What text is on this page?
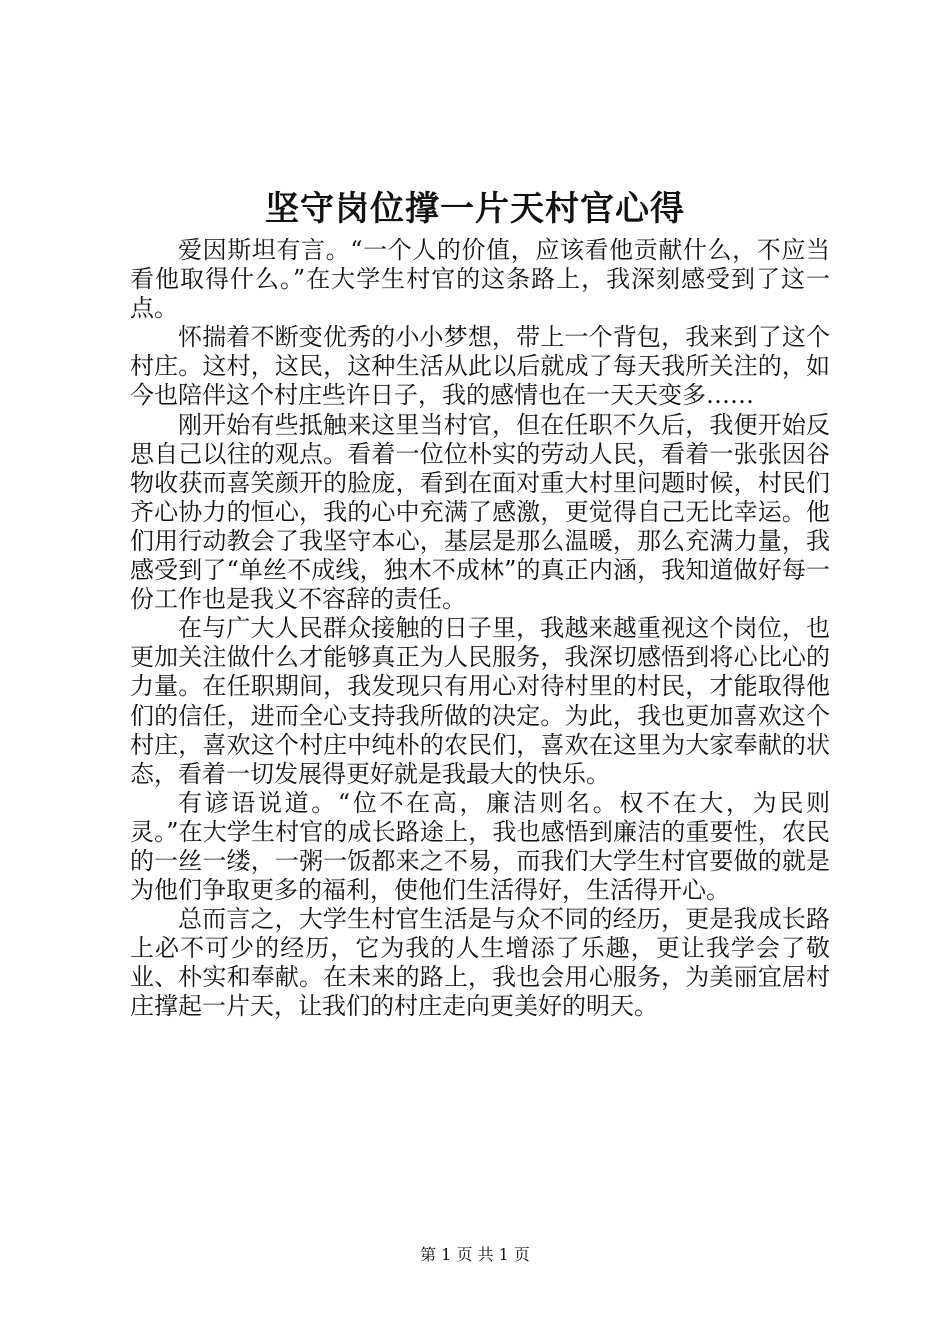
坚守岗位撑一片天村官心得

爱因斯坦有言。“一个人的价值，应该看他贡献什么，不应当看他取得什么。”在大学生村官的这条路上，我深刻感受到了这一点。

怀揣着不断变优秀的小小梦想，带上一个背包，我来到了这个村庄。这村，这民，这种生活从此以后就成了每天我所关注的，如今也陪伴这个村庄些许日子，我的感情也在一天天变多……

刚开始有些抵触来这里当村官，但在任职不久后，我便开始反思自己以往的观点。看着一位位朴实的劳动人民，看着一张张因谷物收获而喜笑颜开的脸庞，看到在面对重大村里问题时候，村民们齐心协力的恒心，我的心中充满了感激，更觉得自己无比幸运。他们用行动教会了我坚守本心，基层是那么温暖，那么充满力量，我感受到了“单丝不成线，独木不成林”的真正内涵，我知道做好每一份工作也是我义不容辞的责任。

在与广大人民群众接触的日子里，我越来越重视这个岗位，也更加关注做什么才能够真正为人民服务，我深切感悟到将心比心的力量。在任职期间，我发现只有用心对待村里的村民，才能取得他们的信任，进而全心支持我所做的决定。为此，我也更加喜欢这个村庄，喜欢这个村庄中纯朴的农民们，喜欢在这里为大家奉献的状态，看着一切发展得更好就是我最大的快乐。

有谚语说道。“位不在高，廉洁则名。权不在大，为民则灵。”在大学生村官的成长路途上，我也感悟到廉洁的重要性，农民的一丝一缕，一粥一饭都来之不易，而我们大学生村官要做的就是为他们争取更多的福利，使他们生活得好，生活得开心。

总而言之，大学生村官生活是与众不同的经历，更是我成长路上必不可少的经历，它为我的人生增添了乐趣，更让我学会了敬业、朴实和奉献。在未来的路上，我也会用心服务，为美丽宜居村庄撑起一片天，让我们的村庄走向更美好的明天。

第 1 页 共 1 页
